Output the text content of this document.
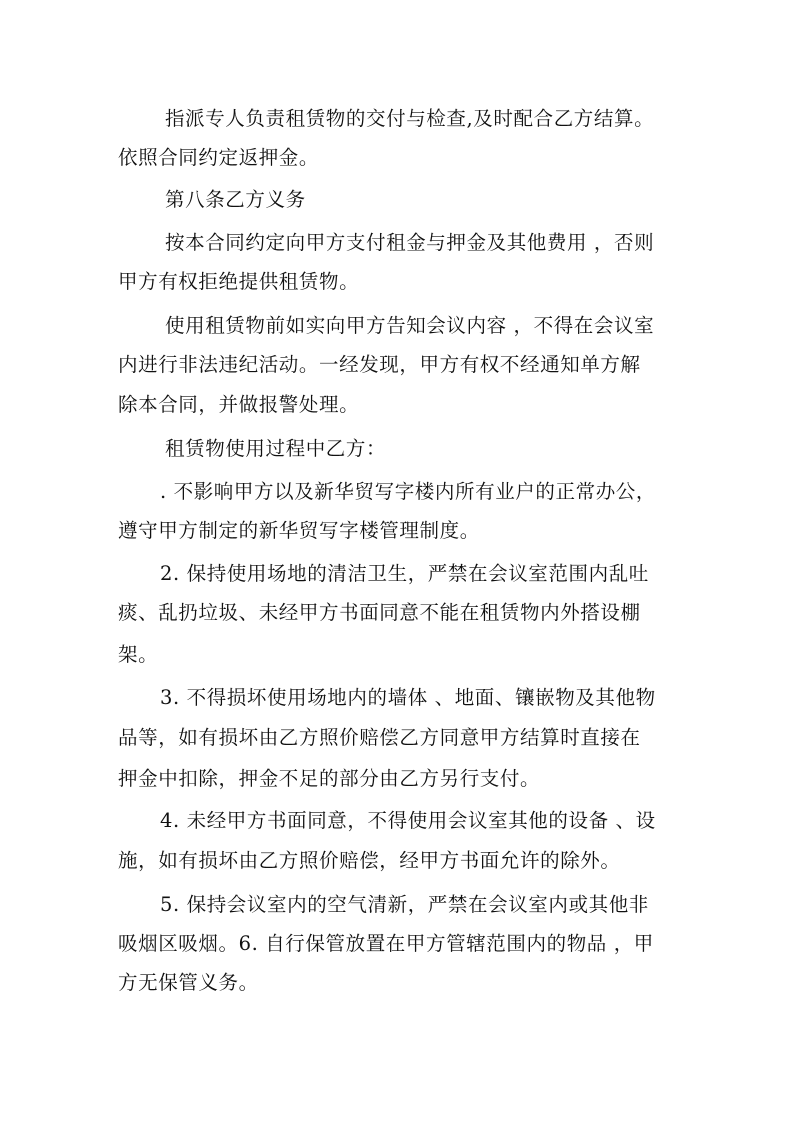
指派专人负责租赁物的交付与检查,及时配合乙方结算。
依照合同约定返押金。
第八条乙方义务
按本合同约定向甲方支付租金与押金及其他费用 ，否则
甲方有权拒绝提供租赁物。
使用租赁物前如实向甲方告知会议内容 ，不得在会议室
内进行非法违纪活动。一经发现，甲方有权不经通知单方解
除本合同，并做报警处理。
租赁物使用过程中乙方：
. 不影响甲方以及新华贸写字楼内所有业户的正常办公，
遵守甲方制定的新华贸写字楼管理制度。
2. 保持使用场地的清洁卫生，严禁在会议室范围内乱吐
痰、乱扔垃圾、未经甲方书面同意不能在租赁物内外搭设棚
架。
3. 不得损坏使用场地内的墙体 、地面、镶嵌物及其他物
品等，如有损坏由乙方照价赔偿乙方同意甲方结算时直接在
押金中扣除，押金不足的部分由乙方另行支付。
4. 未经甲方书面同意，不得使用会议室其他的设备 、设
施，如有损坏由乙方照价赔偿，经甲方书面允许的除外。
5. 保持会议室内的空气清新，严禁在会议室内或其他非
吸烟区吸烟。6. 自行保管放置在甲方管辖范围内的物品 ，甲
方无保管义务。
